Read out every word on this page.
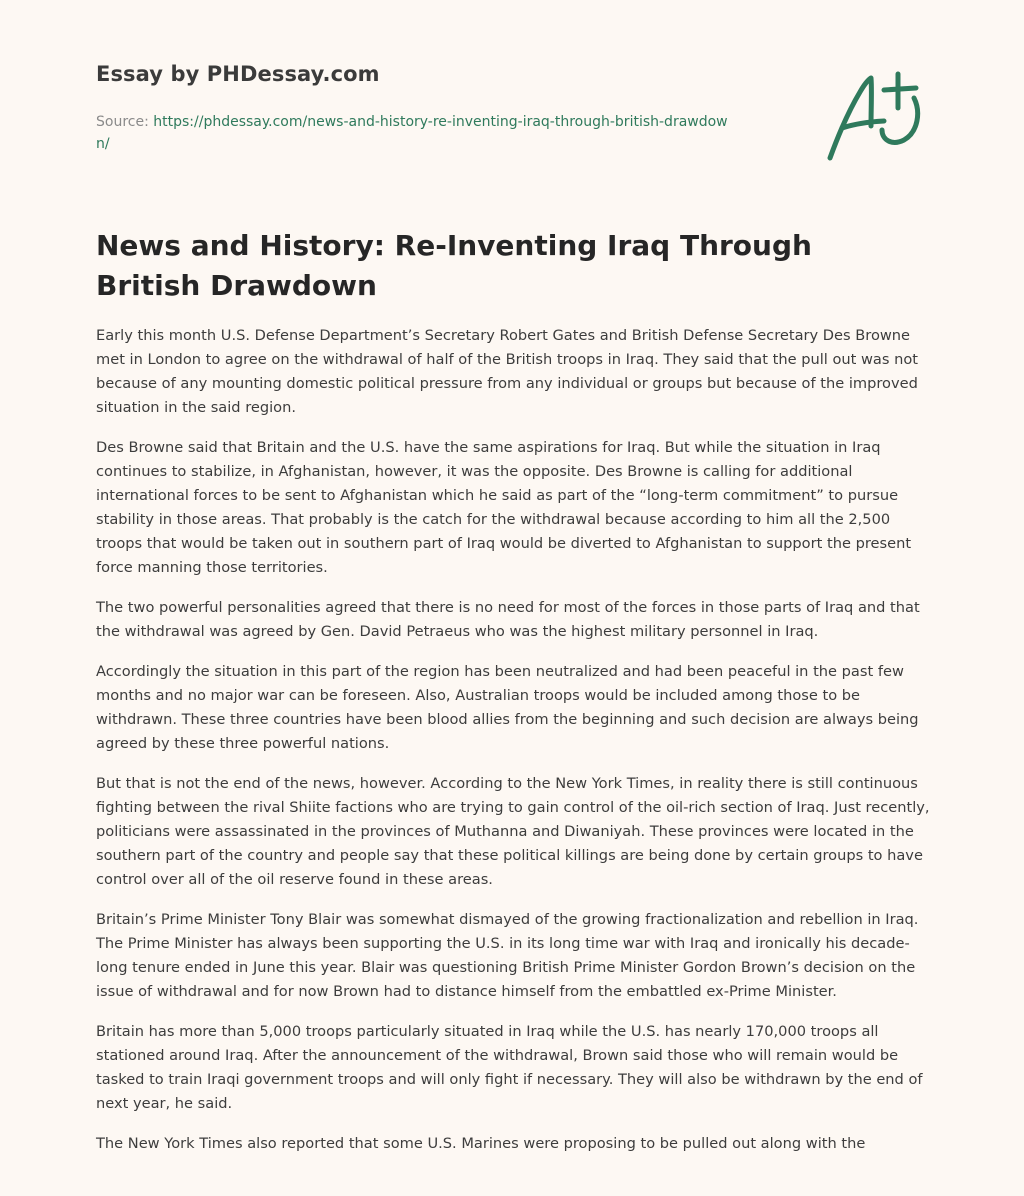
Essay by PHDessay.com
Source: https://phdessay.com/news-and-history-re-inventing-iraq-through-british-drawdown/
News and History: Re-Inventing Iraq Through British Drawdown

Early this month U.S. Defense Department’s Secretary Robert Gates and British Defense Secretary Des Browne met in London to agree on the withdrawal of half of the British troops in Iraq. They said that the pull out was not because of any mounting domestic political pressure from any individual or groups but because of the improved situation in the said region.

Des Browne said that Britain and the U.S. have the same aspirations for Iraq. But while the situation in Iraq continues to stabilize, in Afghanistan, however, it was the opposite. Des Browne is calling for additional international forces to be sent to Afghanistan which he said as part of the “long-term commitment” to pursue stability in those areas. That probably is the catch for the withdrawal because according to him all the 2,500 troops that would be taken out in southern part of Iraq would be diverted to Afghanistan to support the present force manning those territories.

The two powerful personalities agreed that there is no need for most of the forces in those parts of Iraq and that the withdrawal was agreed by Gen. David Petraeus who was the highest military personnel in Iraq.

Accordingly the situation in this part of the region has been neutralized and had been peaceful in the past few months and no major war can be foreseen. Also, Australian troops would be included among those to be withdrawn. These three countries have been blood allies from the beginning and such decision are always being agreed by these three powerful nations.

But that is not the end of the news, however. According to the New York Times, in reality there is still continuous fighting between the rival Shiite factions who are trying to gain control of the oil-rich section of Iraq. Just recently, politicians were assassinated in the provinces of Muthanna and Diwaniyah. These provinces were located in the southern part of the country and people say that these political killings are being done by certain groups to have control over all of the oil reserve found in these areas.

Britain’s Prime Minister Tony Blair was somewhat dismayed of the growing fractionalization and rebellion in Iraq. The Prime Minister has always been supporting the U.S. in its long time war with Iraq and ironically his decade-long tenure ended in June this year. Blair was questioning British Prime Minister Gordon Brown’s decision on the issue of withdrawal and for now Brown had to distance himself from the embattled ex-Prime Minister.

Britain has more than 5,000 troops particularly situated in Iraq while the U.S. has nearly 170,000 troops all stationed around Iraq. After the announcement of the withdrawal, Brown said those who will remain would be tasked to train Iraqi government troops and will only fight if necessary. They will also be withdrawn by the end of next year, he said.

The New York Times also reported that some U.S. Marines were proposing to be pulled out along with the
